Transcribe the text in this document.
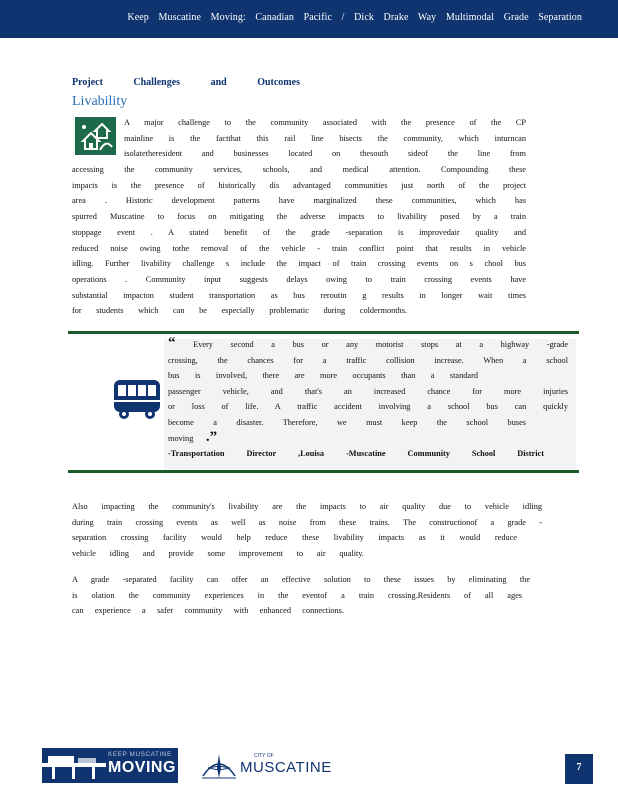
Keep Muscatine Moving: Canadian Pacific / Dick Drake Way Multimodal Grade Separation
Project Challenges and Outcomes
Livability
A major challenge to the community associated with the presence of the CP
mainline is the factthat this rail line bisects the community, which inturncan
isolatetheresident and businesses located on thesouth sideof the line from
accessing the community services, schools, and medical attention. Compounding these
impacts is the presence of historically dis advantaged communities just north of the project
area . Historic development patterns have marginalized these communities, which has
spurred Muscatine to focus on mitigating the adverse impacts to livability posed by a train
stoppage event . A stated benefit of the grade -separation is improvedair quality and
reduced noise owing tothe removal of the vehicle - train conflict point that results in vehicle
idling. Further livability challenge s include the impact of train crossing events on s chool bus
operations . Community input suggests delays owing to train crossing events have
substantial impacton student transportation as bus reroutin g results in longer wait times
for students which can be especially problematic during coldermonths.
“ Every second a bus or any motorist stops at a highway -grade
crossing, the chances for a traffic collision increase. When a school
bus is involved, there are more occupants than a standard
passenger vehicle, and that's an increased chance for more injuries
or loss of life. A traffic accident involving a school bus can quickly
become a disaster. Therefore, we must keep the school buses
moving .”
-Transportation Director ,Louisa -Muscatine Community School District
Also impacting the community's livability are the impacts to air quality due to vehicle idling
during train crossing events as well as noise from these trains. The constructionof a grade -
separation crossing facility would help reduce these livability impacts as it would reduce
vehicle idling and provide some improvement to air quality.
A grade -separated facility can offer an effective solution to these issues by eliminating the
is olation the community experiences in the eventof a train crossing.Residents of all ages
can experience a safer community with enhanced connections.
KEEP MUSCATINE
MOVING
CITY OF
MUSCATINE	7
